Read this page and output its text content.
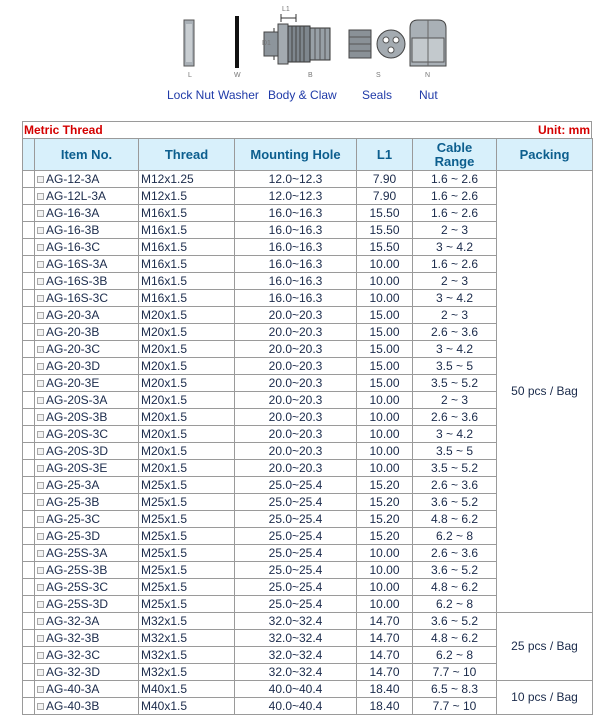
L	W	B	S	N
L1
D1
Lock Nut Washer Body & Claw Seals Nut
Metric Thread	Unit: mm
	Item No.	Thread	Mounting Hole	L1	Cable Range	Packing
	AG-12-3A	M12x1.25	12.0~12.3	7.90	1.6 ~ 2.6	50 pcs / Bag
	AG-12L-3A	M12x1.5	12.0~12.3	7.90	1.6 ~ 2.6	
	AG-16-3A	M16x1.5	16.0~16.3	15.50	1.6 ~ 2.6	
	AG-16-3B	M16x1.5	16.0~16.3	15.50	2 ~ 3	
	AG-16-3C	M16x1.5	16.0~16.3	15.50	3 ~ 4.2	
	AG-16S-3A	M16x1.5	16.0~16.3	10.00	1.6 ~ 2.6	
	AG-16S-3B	M16x1.5	16.0~16.3	10.00	2 ~ 3	
	AG-16S-3C	M16x1.5	16.0~16.3	10.00	3 ~ 4.2	
	AG-20-3A	M20x1.5	20.0~20.3	15.00	2 ~ 3	
	AG-20-3B	M20x1.5	20.0~20.3	15.00	2.6 ~ 3.6	
	AG-20-3C	M20x1.5	20.0~20.3	15.00	3 ~ 4.2	
	AG-20-3D	M20x1.5	20.0~20.3	15.00	3.5 ~ 5	
	AG-20-3E	M20x1.5	20.0~20.3	15.00	3.5 ~ 5.2	
	AG-20S-3A	M20x1.5	20.0~20.3	10.00	2 ~ 3	
	AG-20S-3B	M20x1.5	20.0~20.3	10.00	2.6 ~ 3.6	
	AG-20S-3C	M20x1.5	20.0~20.3	10.00	3 ~ 4.2	
	AG-20S-3D	M20x1.5	20.0~20.3	10.00	3.5 ~ 5	
	AG-20S-3E	M20x1.5	20.0~20.3	10.00	3.5 ~ 5.2	
	AG-25-3A	M25x1.5	25.0~25.4	15.20	2.6 ~ 3.6	
	AG-25-3B	M25x1.5	25.0~25.4	15.20	3.6 ~ 5.2	
	AG-25-3C	M25x1.5	25.0~25.4	15.20	4.8 ~ 6.2	
	AG-25-3D	M25x1.5	25.0~25.4	15.20	6.2 ~ 8	
	AG-25S-3A	M25x1.5	25.0~25.4	10.00	2.6 ~ 3.6	
	AG-25S-3B	M25x1.5	25.0~25.4	10.00	3.6 ~ 5.2	
	AG-25S-3C	M25x1.5	25.0~25.4	10.00	4.8 ~ 6.2	
	AG-25S-3D	M25x1.5	25.0~25.4	10.00	6.2 ~ 8	
	AG-32-3A	M32x1.5	32.0~32.4	14.70	3.6 ~ 5.2	25 pcs / Bag
	AG-32-3B	M32x1.5	32.0~32.4	14.70	4.8 ~ 6.2	
	AG-32-3C	M32x1.5	32.0~32.4	14.70	6.2 ~ 8	
	AG-32-3D	M32x1.5	32.0~32.4	14.70	7.7 ~ 10	
	AG-40-3A	M40x1.5	40.0~40.4	18.40	6.5 ~ 8.3	10 pcs / Bag
	AG-40-3B	M40x1.5	40.0~40.4	18.40	7.7 ~ 10	
